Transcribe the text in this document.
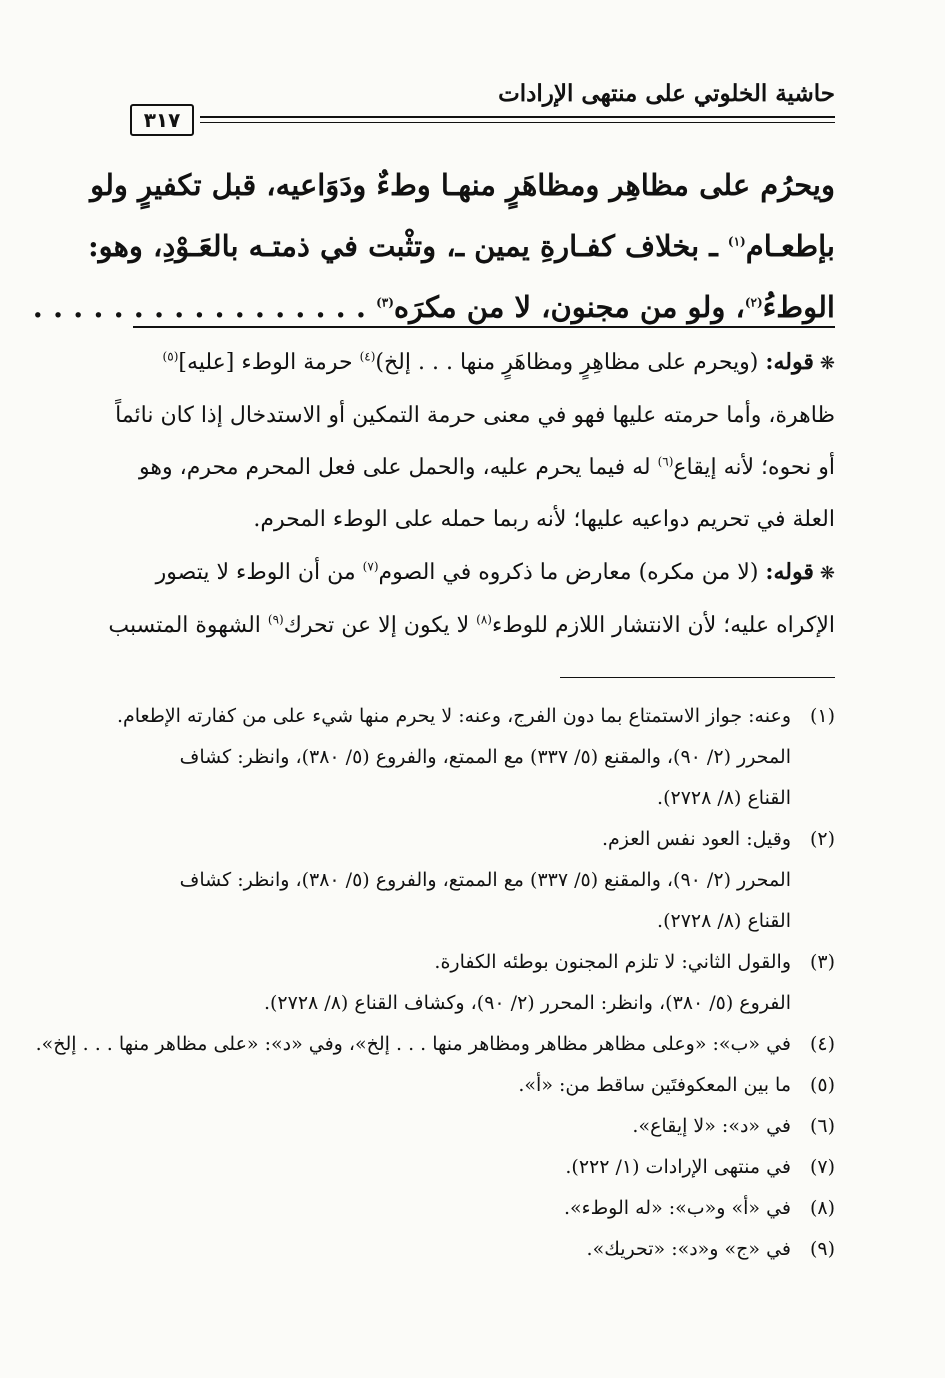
حاشية الخلوتي على منتهى الإرادات
٣١٧
ويحرُم على مظاهِر ومظاهَرٍ منهـا وطءٌ ودَوَاعيه، قبل تكفيرٍ ولو
بإطعـام$^{(١)}$ ـ بخلاف كفـارةِ يمين ـ، وتثْبت في ذمتـه بالعَـوْدِ، وهو:
الوطءُ$^{(٢)}$، ولو من مجنون، لا من مكرَه$^{(٣)}$ . . . . . . . . . . . . . . . . .
❋قوله: (ويحرم على مظاهِرٍ ومظاهَرٍ منها . . . إلخ)$^{(٤)}$ حرمة الوطء [عليه]$^{(٥)}$
ظاهرة، وأما حرمته عليها فهو في معنى حرمة التمكين أو الاستدخال إذا كان نائماً
أو نحوه؛ لأنه إيقاع$^{(٦)}$ له فيما يحرم عليه، والحمل على فعل المحرم محرم، وهو
العلة في تحريم دواعيه عليها؛ لأنه ربما حمله على الوطء المحرم.
❋قوله: (لا من مكره) معارض ما ذكروه في الصوم$^{(٧)}$ من أن الوطء لا يتصور
الإكراه عليه؛ لأن الانتشار اللازم للوطء$^{(٨)}$ لا يكون إلا عن تحرك$^{(٩)}$ الشهوة المتسبب
(١)وعنه: جواز الاستمتاع بما دون الفرج، وعنه: لا يحرم منها شيء على من كفارته الإطعام.
المحرر (٢/ ٩٠)، والمقنع (٥/ ٣٣٧) مع الممتع، والفروع (٥/ ٣٨٠)، وانظر: كشاف
القناع (٨/ ٢٧٢٨).
(٢)وقيل: العود نفس العزم.
المحرر (٢/ ٩٠)، والمقنع (٥/ ٣٣٧) مع الممتع، والفروع (٥/ ٣٨٠)، وانظر: كشاف
القناع (٨/ ٢٧٢٨).
(٣)والقول الثاني: لا تلزم المجنون بوطئه الكفارة.
الفروع (٥/ ٣٨٠)، وانظر: المحرر (٢/ ٩٠)، وكشاف القناع (٨/ ٢٧٢٨).
(٤)في «ب»: «وعلى مظاهر مظاهر ومظاهر منها . . . إلخ»، وفي «د»: «على مظاهر منها . . . إلخ».
(٥)ما بين المعكوفتَين ساقط من: «أ».
(٦)في «د»: «لا إيقاع».
(٧)في منتهى الإرادات (١/ ٢٢٢).
(٨)في «أ» و«ب»: «له الوطء».
(٩)في «ج» و«د»: «تحريك».
